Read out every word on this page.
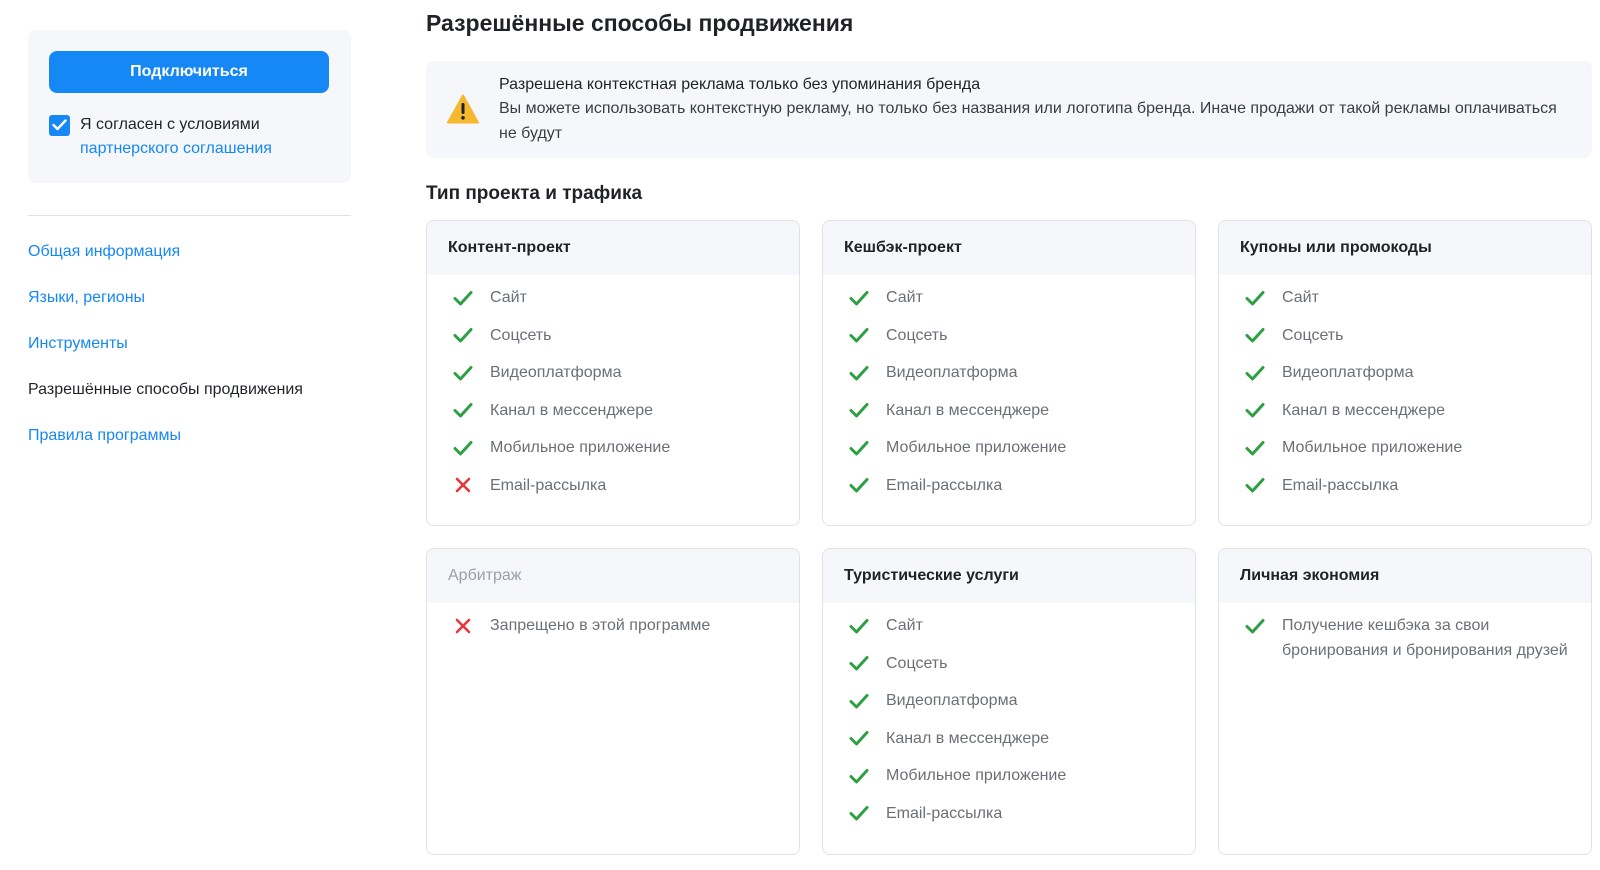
Подключиться
Я согласен с условиями
партнерского соглашения
Общая информация
Языки, регионы
Инструменты
Разрешённые способы продвижения
Правила программы
Разрешённые способы продвижения
Разрешена контекстная реклама только без упоминания бренда
Вы можете использовать контекстную рекламу, но только без названия или логотипа бренда. Иначе продажи от такой рекламы оплачиваться не будут
Тип проекта и трафика
Контент-проект
Сайт
Соцсеть
Видеоплатформа
Канал в мессенджере
Мобильное приложение
Email-рассылка
Кешбэк-проект
Сайт
Соцсеть
Видеоплатформа
Канал в мессенджере
Мобильное приложение
Email-рассылка
Купоны или промокоды
Сайт
Соцсеть
Видеоплатформа
Канал в мессенджере
Мобильное приложение
Email-рассылка
Арбитраж
Запрещено в этой программе
Туристические услуги
Сайт
Соцсеть
Видеоплатформа
Канал в мессенджере
Мобильное приложение
Email-рассылка
Личная экономия
Получение кешбэка за свои бронирования и бронирования друзей
